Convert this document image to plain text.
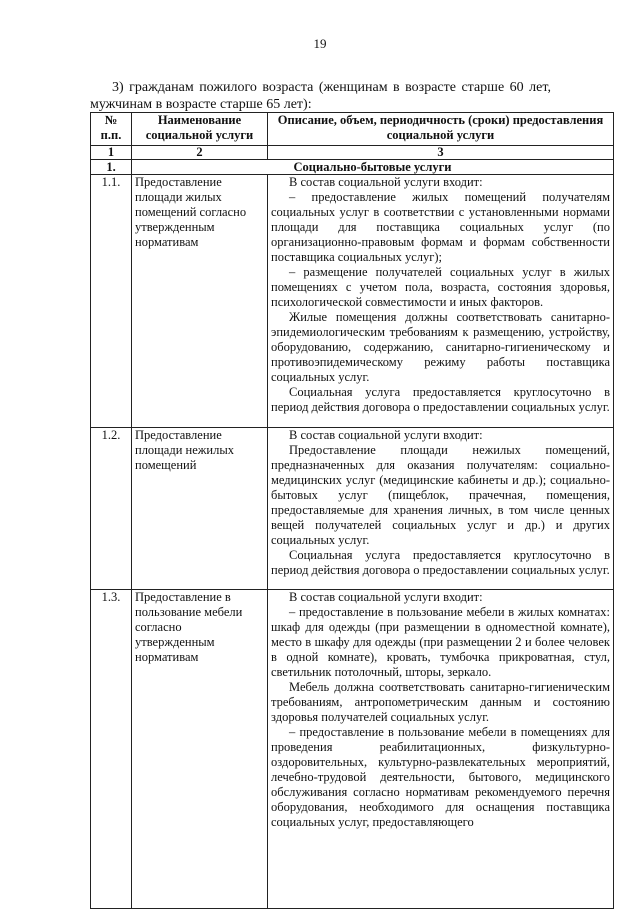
19
3) гражданам пожилого возраста (женщинам в возрасте старше 60 лет,
мужчинам в возрасте старше 65 лет):
№
п.п.	Наименование социальной услуги	Описание, объем, периодичность (сроки) предоставления социальной услуги
1	2	3
1.	Социально-бытовые услуги	
1.1.	Предоставление площади жилых помещений согласно утвержденным нормативам	В состав социальной услуги входит:

– предоставление жилых помещений получателям социальных услуг в соответствии с установленными нормами площади для поставщика социальных услуг (по организационно-правовым формам и формам собственности поставщика социальных услуг);

– размещение получателей социальных услуг в жилых помещениях с учетом пола, возраста, состояния здоровья, психологической совместимости и иных факторов.

Жилые помещения должны соответствовать санитарно-эпидемиологическим требованиям к размещению, устройству, оборудованию, содержанию, санитарно-гигиеническому и противоэпидемическому режиму работы поставщика социальных услуг.

Социальная услуга предоставляется круглосуточно в период действия договора о предоставлении социальных услуг.

1.2.	Предоставление площади нежилых помещений	В состав социальной услуги входит:

Предоставление площади нежилых помещений, предназначенных для оказания получателям: социально-медицинских услуг (медицинские кабинеты и др.); социально-бытовых услуг (пищеблок, прачечная, помещения, предоставляемые для хранения личных, в том числе ценных вещей получателей социальных услуг и др.) и других социальных услуг.

Социальная услуга предоставляется круглосуточно в период действия договора о предоставлении социальных услуг.

1.3.	Предоставление в пользование мебели согласно утвержденным нормативам	В состав социальной услуги входит:

– предоставление в пользование мебели в жилых комнатах: шкаф для одежды (при размещении в одноместной комнате), место в шкафу для одежды (при размещении 2 и более человек в одной комнате), кровать, тумбочка прикроватная, стул, светильник потолочный, шторы, зеркало.

Мебель должна соответствовать санитарно-гигиеническим требованиям, антропометрическим данным и состоянию здоровья получателей социальных услуг.

– предоставление в пользование мебели в помещениях для проведения реабилитационных, физкультурно-оздоровительных, культурно-развлекательных мероприятий, лечебно-трудовой деятельности, бытового, медицинского обслуживания согласно нормативам рекомендуемого перечня оборудования, необходимого для оснащения поставщика социальных услуг, предоставляющего
